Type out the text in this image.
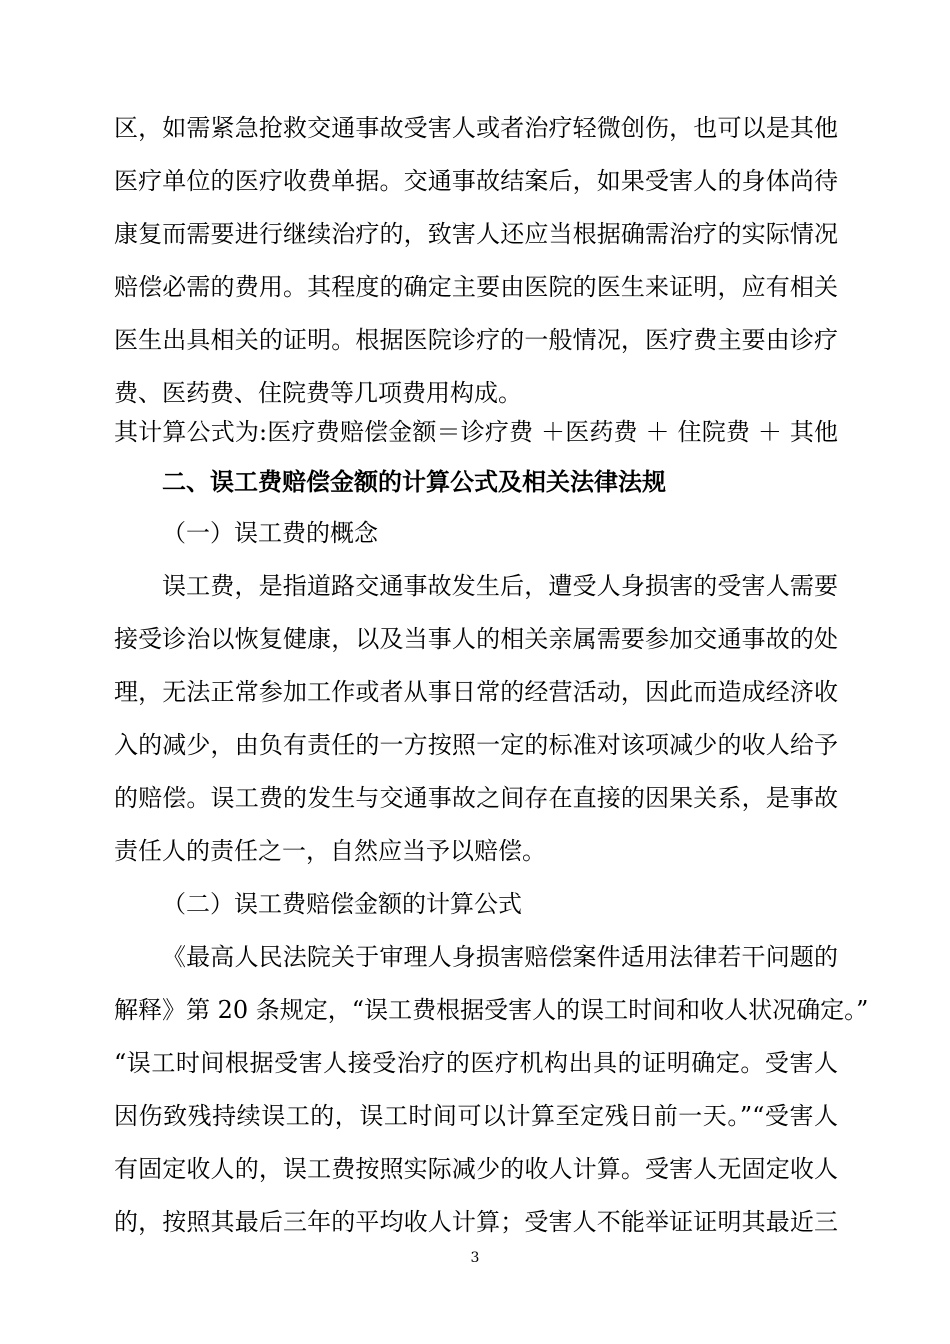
区，如需紧急抢救交通事故受害人或者治疗轻微创伤，也可以是其他
医疗单位的医疗收费单据。交通事故结案后，如果受害人的身体尚待
康复而需要进行继续治疗的，致害人还应当根据确需治疗的实际情况
赔偿必需的费用。其程度的确定主要由医院的医生来证明，应有相关
医生出具相关的证明。根据医院诊疗的一般情况，医疗费主要由诊疗
费、医药费、住院费等几项费用构成。
其计算公式为:医疗费赔偿金额＝诊疗费 ＋医药费 ＋ 住院费 ＋ 其他
二、误工费赔偿金额的计算公式及相关法律法规
（一）误工费的概念
误工费，是指道路交通事故发生后，遭受人身损害的受害人需要
接受诊治以恢复健康，以及当事人的相关亲属需要参加交通事故的处
理，无法正常参加工作或者从事日常的经营活动，因此而造成经济收
入的减少，由负有责任的一方按照一定的标准对该项减少的收人给予
的赔偿。误工费的发生与交通事故之间存在直接的因果关系，是事故
责任人的责任之一，自然应当予以赔偿。
（二）误工费赔偿金额的计算公式
《最高人民法院关于审理人身损害赔偿案件适用法律若干问题的
解释》第 20 条规定，“误工费根据受害人的误工时间和收人状况确定。”
“误工时间根据受害人接受治疗的医疗机构出具的证明确定。受害人
因伤致残持续误工的，误工时间可以计算至定残日前一天。”“受害人
有固定收人的，误工费按照实际减少的收人计算。受害人无固定收人
的，按照其最后三年的平均收人计算；受害人不能举证证明其最近三
3
